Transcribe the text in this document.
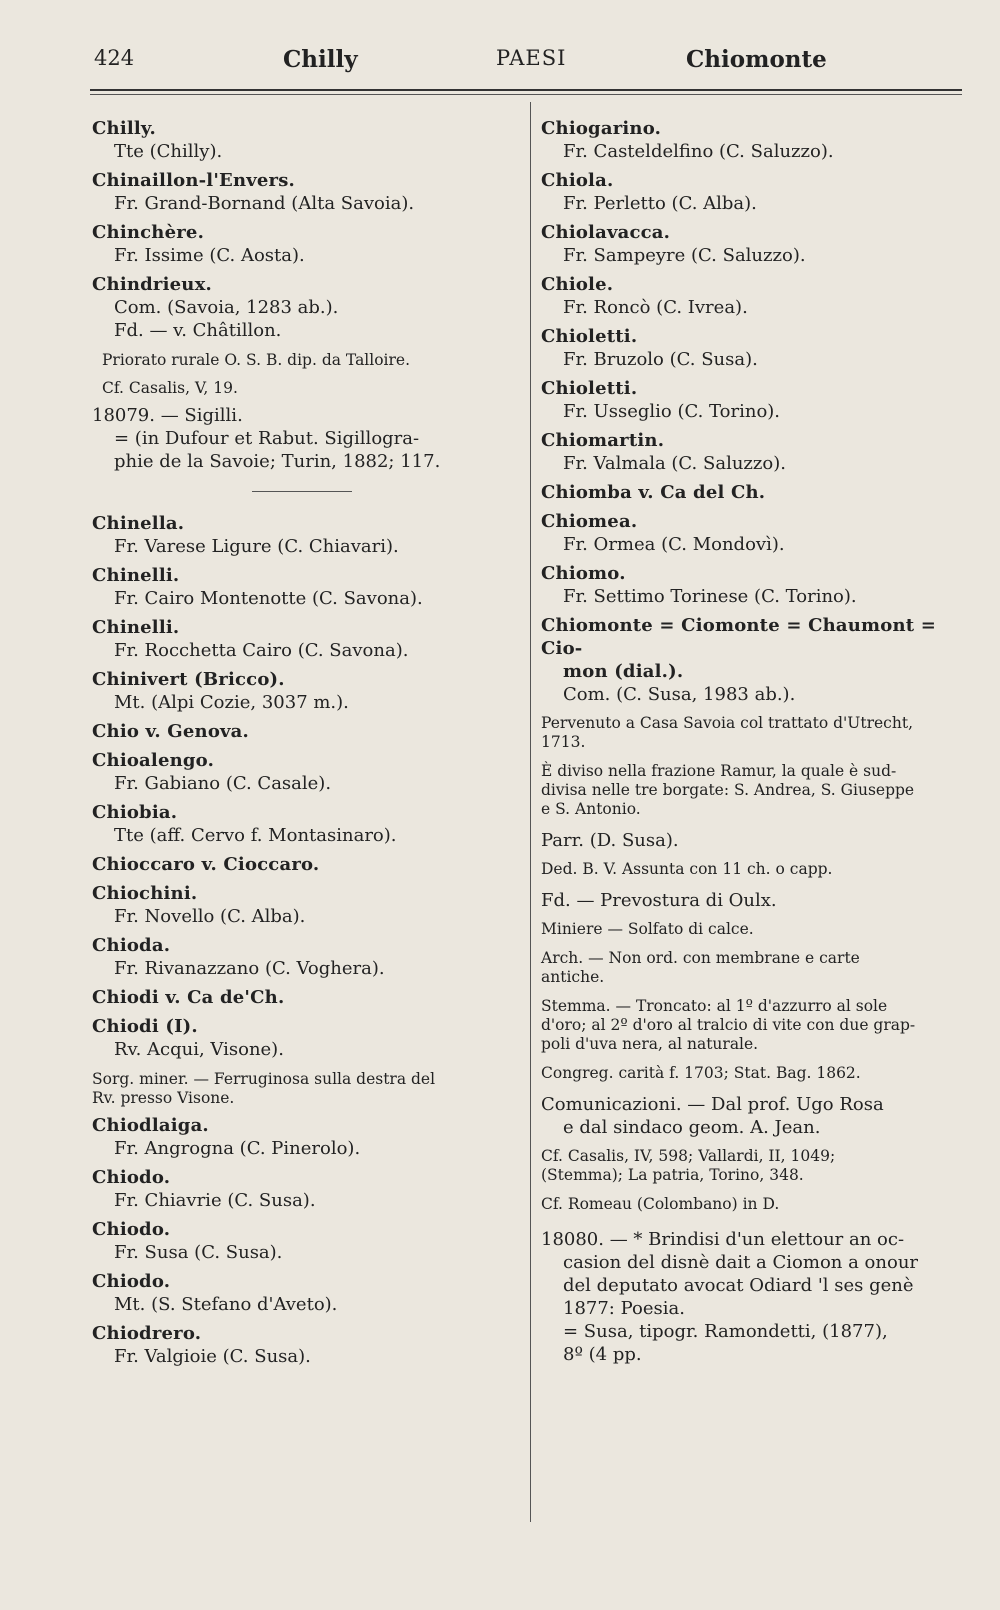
424	Chilly	PAESI	Chiomonte
Chilly.
Tte (Chilly).
Chinaillon-l'Envers.
Fr. Grand-Bornand (Alta Savoia).
Chinchère.
Fr. Issime (C. Aosta).
Chindrieux.
Com. (Savoia, 1283 ab.).
Fd. — v. Châtillon.
Priorato rurale O. S. B. dip. da Talloire.
Cf. Casalis, V, 19.
18079. — Sigilli.
= (in Dufour et Rabut. Sigillogra-
phie de la Savoie; Turin, 1882; 117.
Chinella.
Fr. Varese Ligure (C. Chiavari).
Chinelli.
Fr. Cairo Montenotte (C. Savona).
Chinelli.
Fr. Rocchetta Cairo (C. Savona).
Chinivert (Bricco).
Mt. (Alpi Cozie, 3037 m.).
Chio v. Genova.
Chioalengo.
Fr. Gabiano (C. Casale).
Chiobia.
Tte (aff. Cervo f. Montasinaro).
Chioccaro v. Cioccaro.
Chiochini.
Fr. Novello (C. Alba).
Chioda.
Fr. Rivanazzano (C. Voghera).
Chiodi v. Ca de'Ch.
Chiodi (I).
Rv. Acqui, Visone).
Sorg. miner. — Ferruginosa sulla destra del
Rv. presso Visone.
Chiodlaiga.
Fr. Angrogna (C. Pinerolo).
Chiodo.
Fr. Chiavrie (C. Susa).
Chiodo.
Fr. Susa (C. Susa).
Chiodo.
Mt. (S. Stefano d'Aveto).
Chiodrero.
Fr. Valgioie (C. Susa).
Chiogarino.
Fr. Casteldelfino (C. Saluzzo).
Chiola.
Fr. Perletto (C. Alba).
Chiolavacca.
Fr. Sampeyre (C. Saluzzo).
Chiole.
Fr. Roncò (C. Ivrea).
Chioletti.
Fr. Bruzolo (C. Susa).
Chioletti.
Fr. Usseglio (C. Torino).
Chiomartin.
Fr. Valmala (C. Saluzzo).
Chiomba v. Ca del Ch.
Chiomea.
Fr. Ormea (C. Mondovì).
Chiomo.
Fr. Settimo Torinese (C. Torino).
Chiomonte = Ciomonte = Chaumont = Cio-
mon (dial.).
Com. (C. Susa, 1983 ab.).
Pervenuto a Casa Savoia col trattato d'Utrecht,
1713.
È diviso nella frazione Ramur, la quale è sud-
divisa nelle tre borgate: S. Andrea, S. Giuseppe
e S. Antonio.
Parr. (D. Susa).
Ded. B. V. Assunta con 11 ch. o capp.
Fd. — Prevostura di Oulx.
Miniere — Solfato di calce.
Arch. — Non ord. con membrane e carte
antiche.
Stemma. — Troncato: al 1º d'azzurro al sole
d'oro; al 2º d'oro al tralcio di vite con due grap-
poli d'uva nera, al naturale.
Congreg. carità f. 1703; Stat. Bag. 1862.
Comunicazioni. — Dal prof. Ugo Rosa
e dal sindaco geom. A. Jean.
Cf. Casalis, IV, 598; Vallardi, II, 1049;
(Stemma); La patria, Torino, 348.
Cf. Romeau (Colombano) in D.
18080. — * Brindisi d'un elettour an oc-
casion del disnè dait a Ciomon a onour
del deputato avocat Odiard 'l ses genè
1877: Poesia.
= Susa, tipogr. Ramondetti, (1877),
8º (4 pp.
